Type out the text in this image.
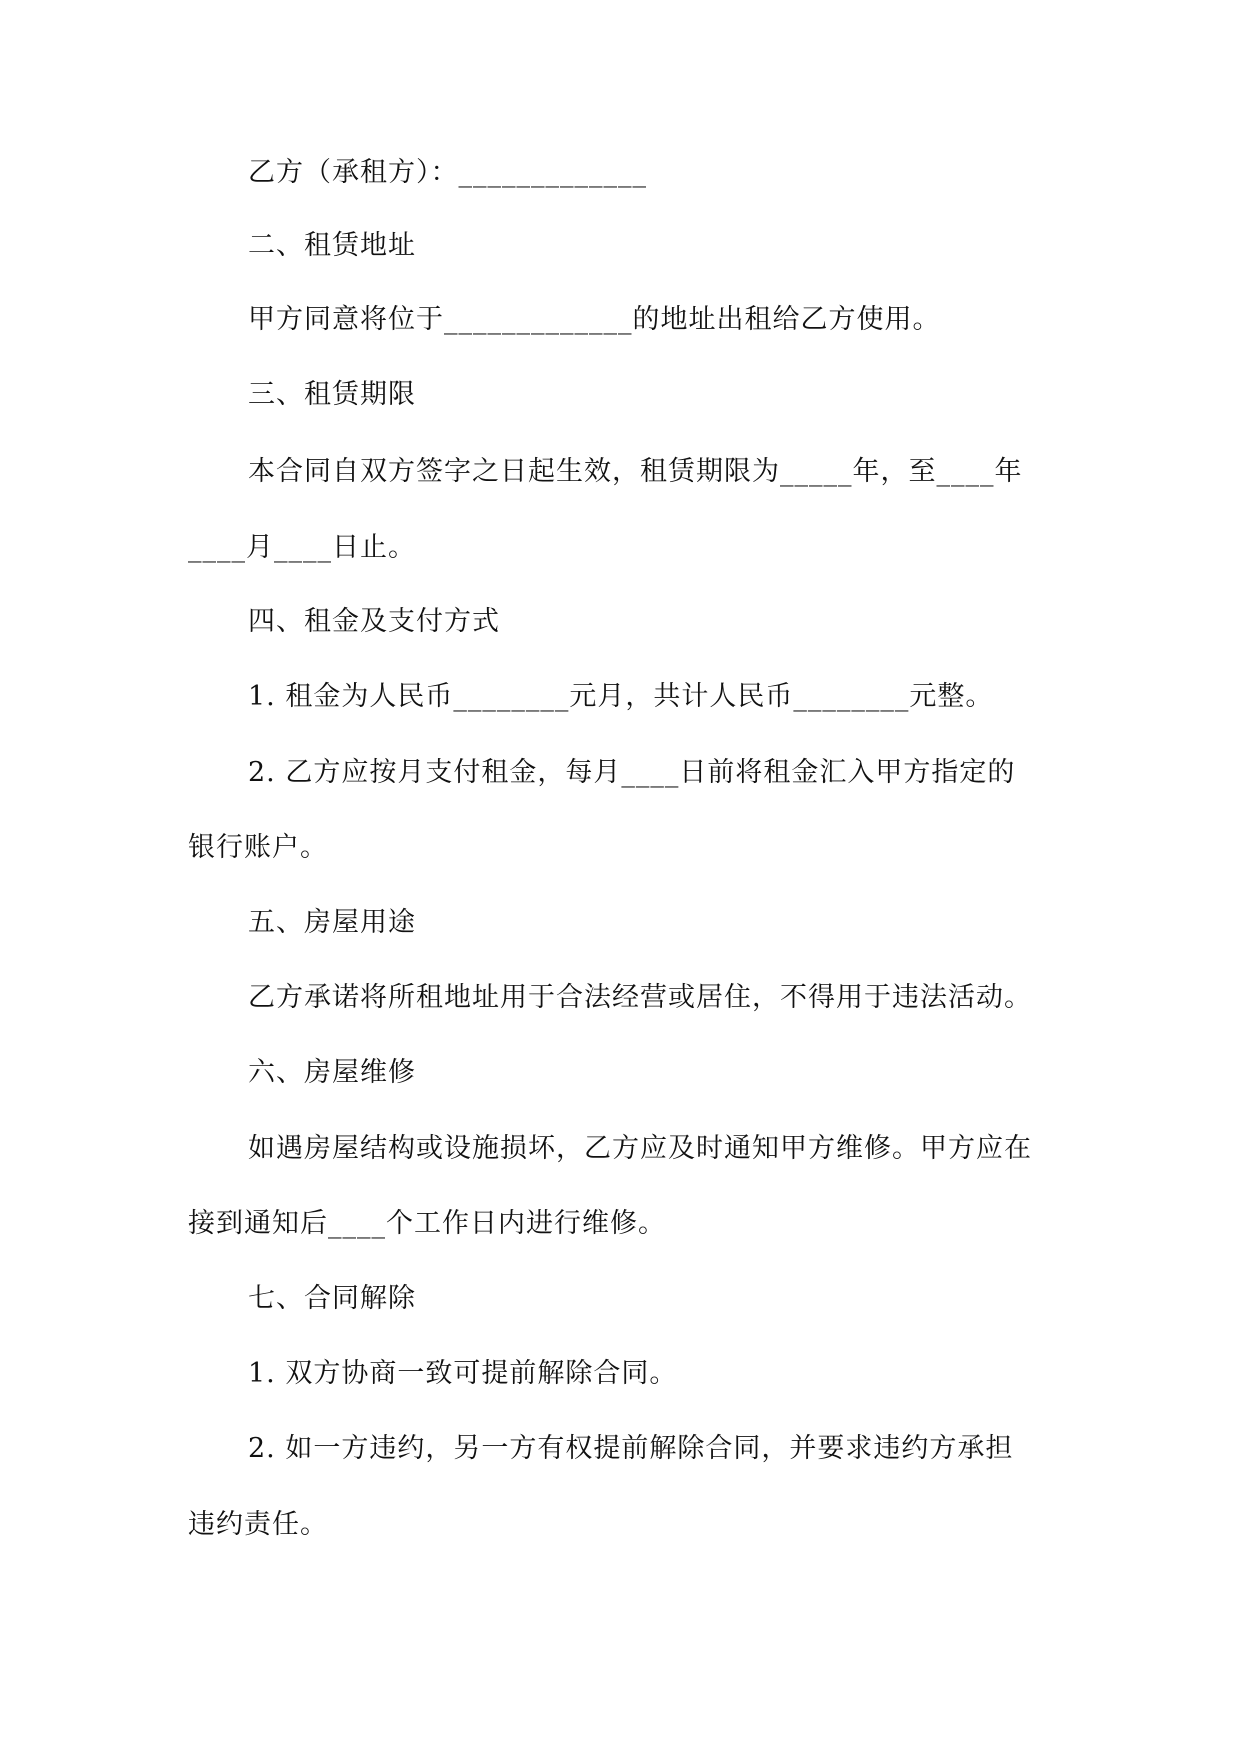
乙方（承租方）：_____________
二、租赁地址
甲方同意将位于_____________的地址出租给乙方使用。
三、租赁期限
本合同自双方签字之日起生效，租赁期限为_____年，至____年
____月____日止。
四、租金及支付方式
1. 租金为人民币________元月，共计人民币________元整。
2. 乙方应按月支付租金，每月____日前将租金汇入甲方指定的
银行账户。
五、房屋用途
乙方承诺将所租地址用于合法经营或居住，不得用于违法活动。
六、房屋维修
如遇房屋结构或设施损坏，乙方应及时通知甲方维修。甲方应在
接到通知后____个工作日内进行维修。
七、合同解除
1. 双方协商一致可提前解除合同。
2. 如一方违约，另一方有权提前解除合同，并要求违约方承担
违约责任。
